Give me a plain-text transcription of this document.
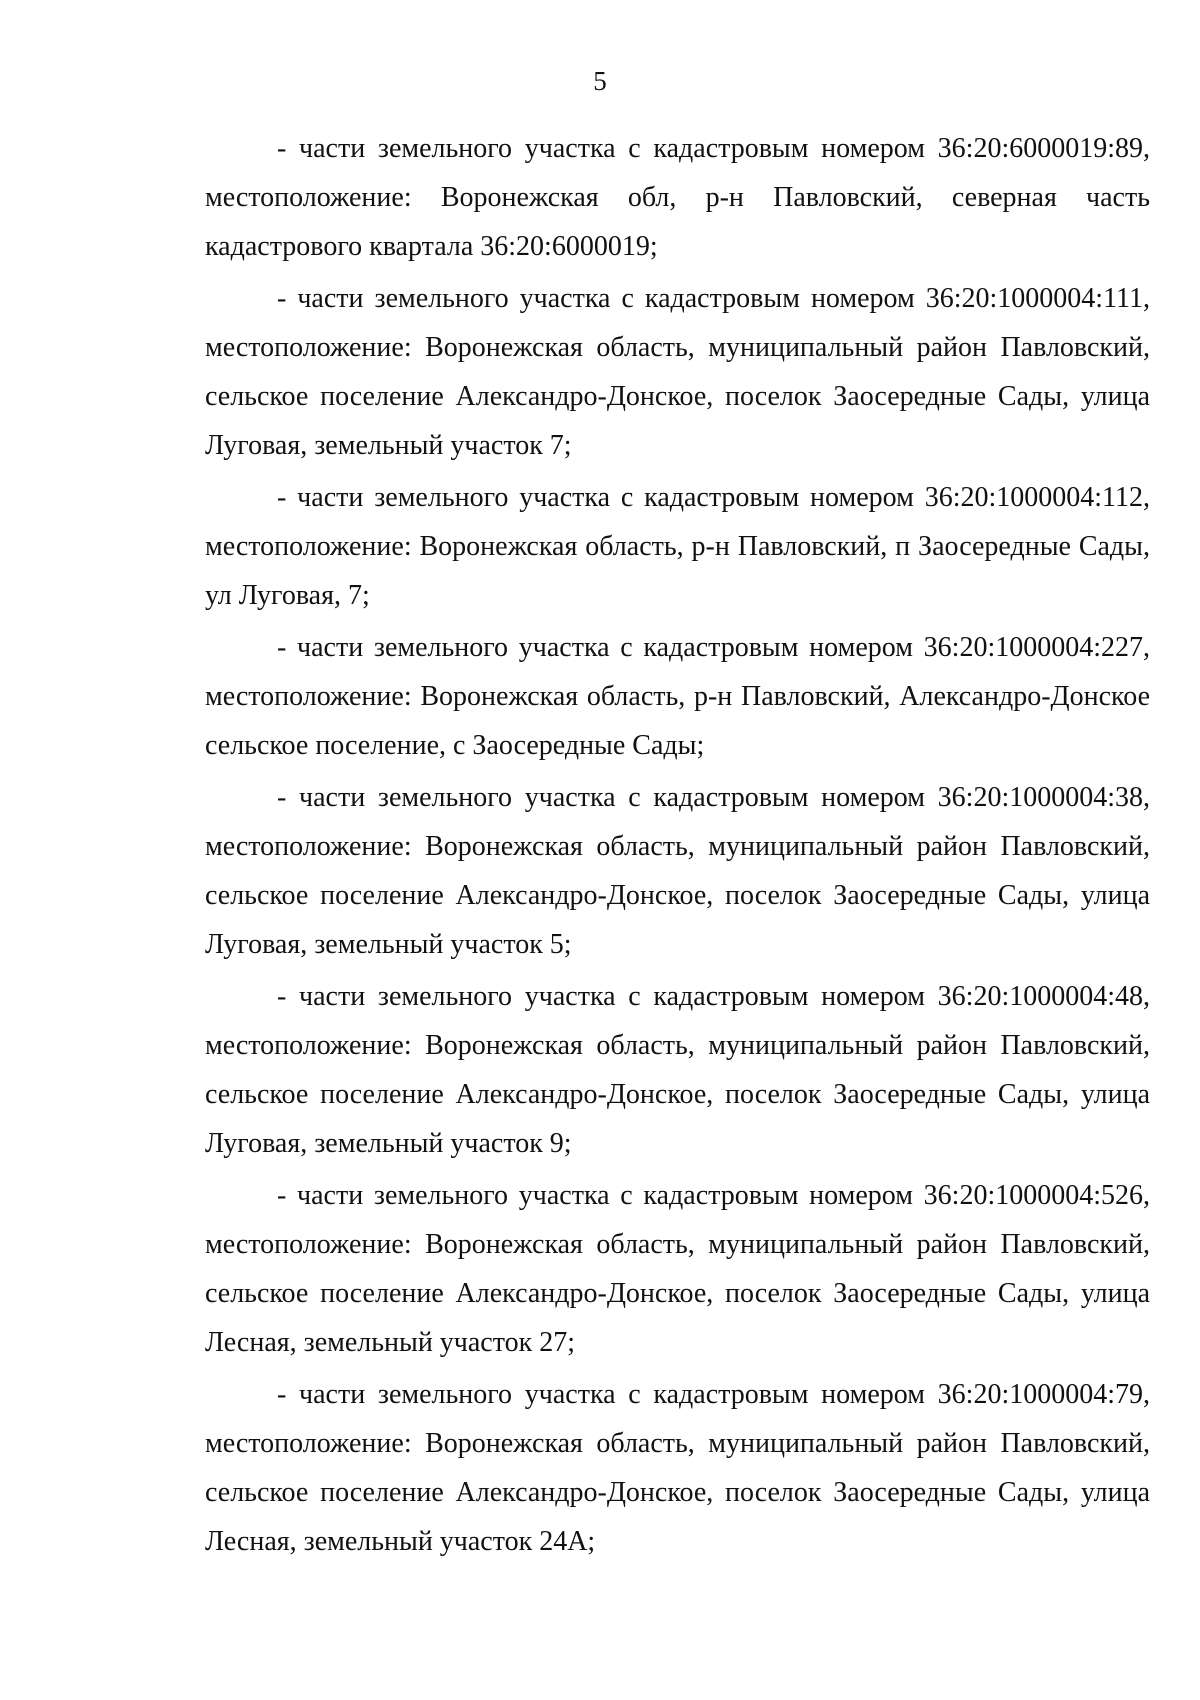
5

- части земельного участка с кадастровым номером 36:20:6000019:89, местоположение: Воронежская обл, р-н Павловский, северная часть кадастрового квартала 36:20:6000019;

- части земельного участка с кадастровым номером 36:20:1000004:111, местоположение: Воронежская область, муниципальный район Павловский, сельское поселение Александро-Донское, поселок Заосередные Сады, улица Луговая, земельный участок 7;

- части земельного участка с кадастровым номером 36:20:1000004:112, местоположение: Воронежская область, р-н Павловский, п Заосередные Сады, ул Луговая, 7;

- части земельного участка с кадастровым номером 36:20:1000004:227, местоположение: Воронежская область, р-н Павловский, Александро-Донское сельское поселение, с Заосередные Сады;

- части земельного участка с кадастровым номером 36:20:1000004:38, местоположение: Воронежская область, муниципальный район Павловский, сельское поселение Александро-Донское, поселок Заосередные Сады, улица Луговая, земельный участок 5;

- части земельного участка с кадастровым номером 36:20:1000004:48, местоположение: Воронежская область, муниципальный район Павловский, сельское поселение Александро-Донское, поселок Заосередные Сады, улица Луговая, земельный участок 9;

- части земельного участка с кадастровым номером 36:20:1000004:526, местоположение: Воронежская область, муниципальный район Павловский, сельское поселение Александро-Донское, поселок Заосередные Сады, улица Лесная, земельный участок 27;

- части земельного участка с кадастровым номером 36:20:1000004:79, местоположение: Воронежская область, муниципальный район Павловский, сельское поселение Александро-Донское, поселок Заосередные Сады, улица Лесная, земельный участок 24А;
